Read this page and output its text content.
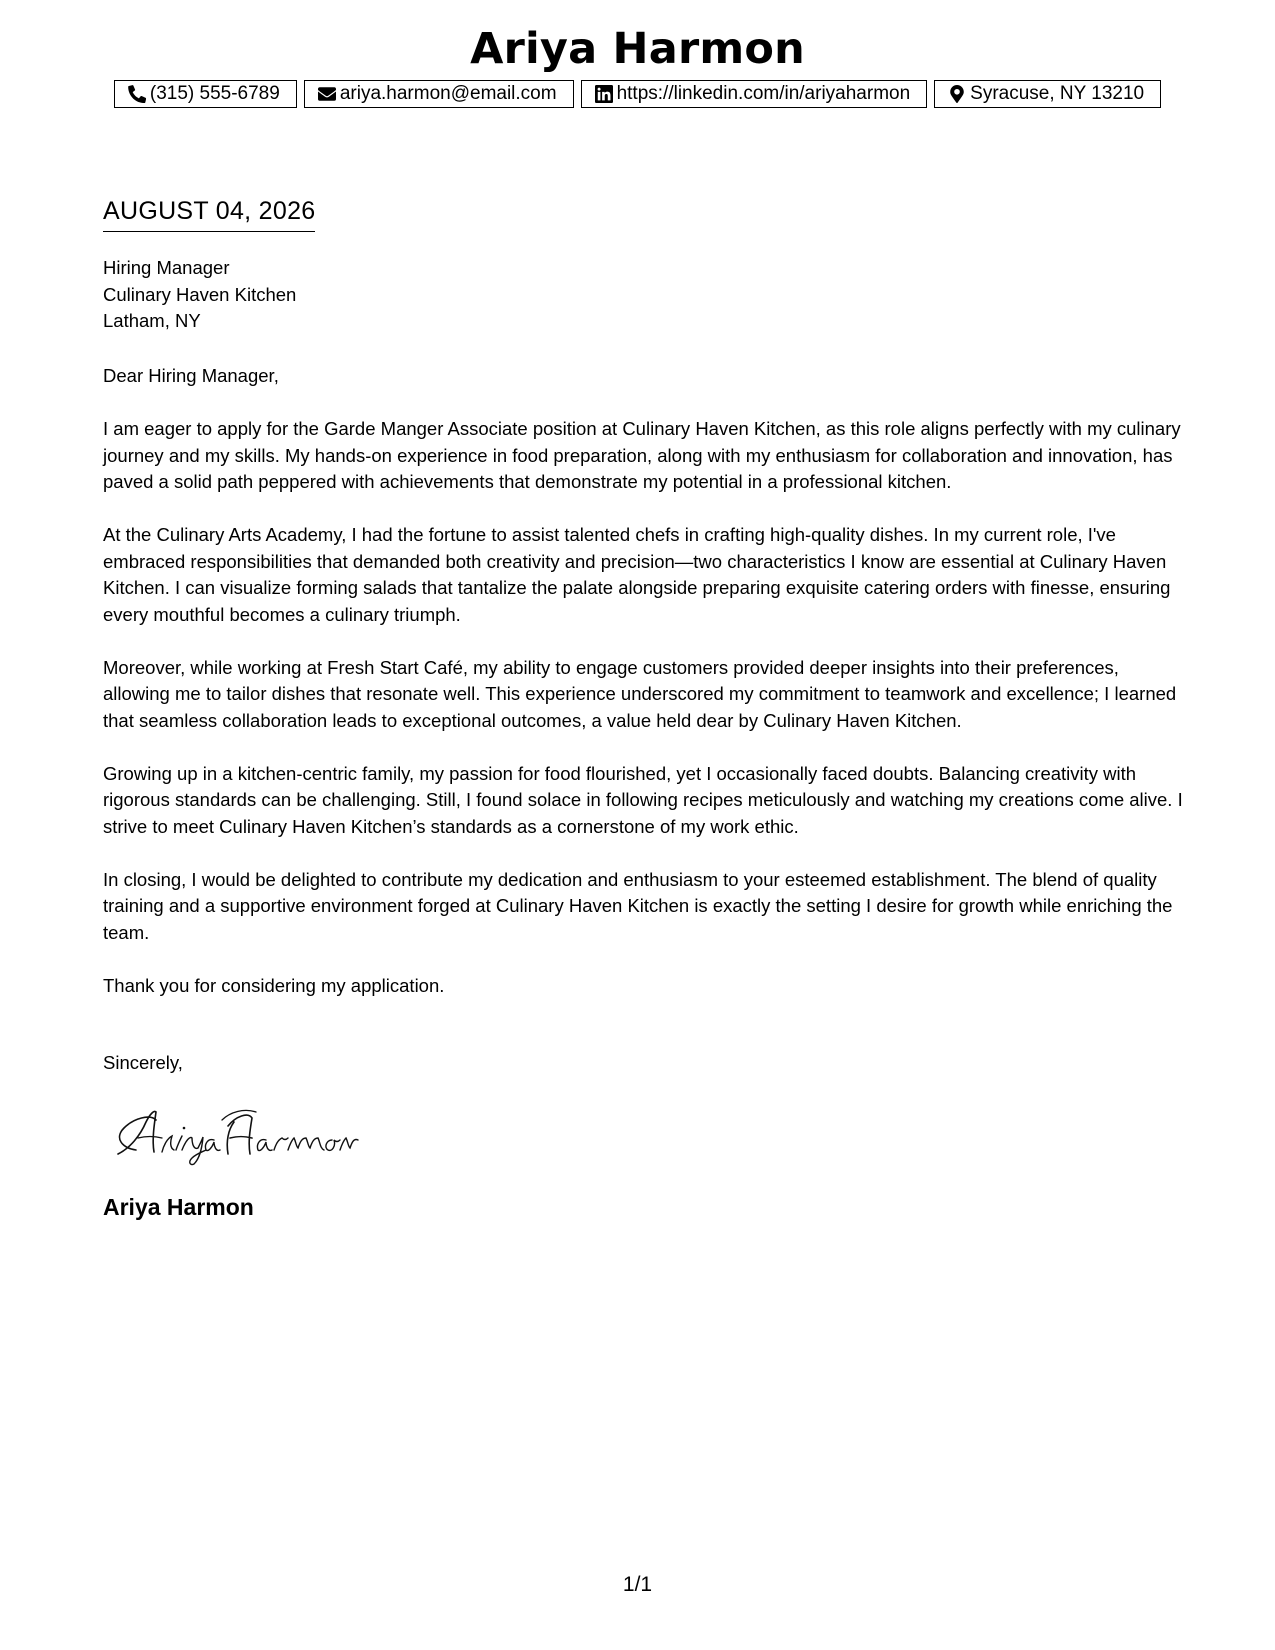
Ariya Harmon
(315) 555-6789	ariya.harmon@email.com	https://linkedin.com/in/ariyaharmon	Syracuse, NY 13210
AUGUST 04, 2026
Hiring Manager
Culinary Haven Kitchen
Latham, NY

Dear Hiring Manager,

I am eager to apply for the Garde Manger Associate position at Culinary Haven Kitchen, as this role aligns perfectly with my culinary journey and my skills. My hands-on experience in food preparation, along with my enthusiasm for collaboration and innovation, has paved a solid path peppered with achievements that demonstrate my potential in a professional kitchen.

At the Culinary Arts Academy, I had the fortune to assist talented chefs in crafting high-quality dishes. In my current role, I've embraced responsibilities that demanded both creativity and precision—two characteristics I know are essential at Culinary Haven Kitchen. I can visualize forming salads that tantalize the palate alongside preparing exquisite catering orders with finesse, ensuring every mouthful becomes a culinary triumph.

Moreover, while working at Fresh Start Café, my ability to engage customers provided deeper insights into their preferences, allowing me to tailor dishes that resonate well. This experience underscored my commitment to teamwork and excellence; I learned that seamless collaboration leads to exceptional outcomes, a value held dear by Culinary Haven Kitchen.

Growing up in a kitchen-centric family, my passion for food flourished, yet I occasionally faced doubts. Balancing creativity with rigorous standards can be challenging. Still, I found solace in following recipes meticulously and watching my creations come alive. I strive to meet Culinary Haven Kitchen’s standards as a cornerstone of my work ethic.

In closing, I would be delighted to contribute my dedication and enthusiasm to your esteemed establishment. The blend of quality training and a supportive environment forged at Culinary Haven Kitchen is exactly the setting I desire for growth while enriching the team.

Thank you for considering my application.

Sincerely,
Ariya Harmon
1/1
